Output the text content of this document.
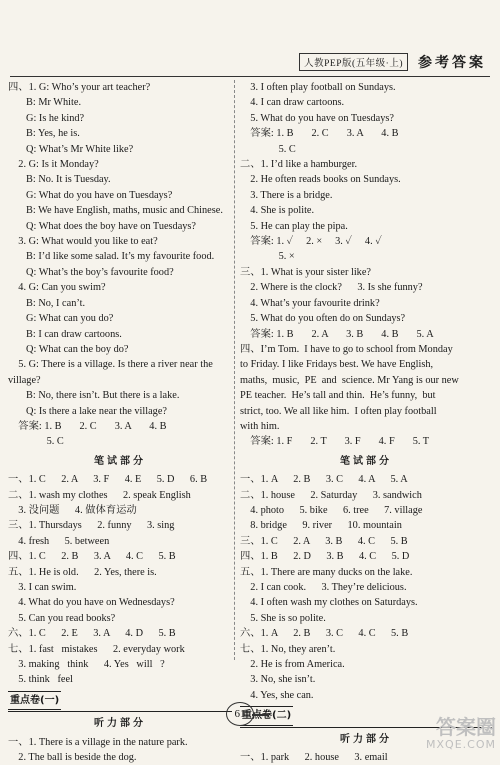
人教PEP版(五年级·上)	参考答案
四、1. G: Who’s your art teacher?
B: Mr White.
G: Is he kind?
B: Yes, he is.
Q: What’s Mr White like?
2. G: Is it Monday?
B: No. It is Tuesday.
G: What do you have on Tuesdays?
B: We have English, maths, music and Chinese.
Q: What does the boy have on Tuesdays?
3. G: What would you like to eat?
B: I’d like some salad. It’s my favourite food.
Q: What’s the boy’s favourite food?
4. G: Can you swim?
B: No, I can’t.
G: What can you do?
B: I can draw cartoons.
Q: What can the boy do?
5. G: There is a village. Is there a river near the
village?
B: No, there isn’t. But there is a lake.
Q: Is there a lake near the village?
答案: 1. B       2. C       3. A       4. B
5. C
笔试部分
一、1. C      2. A      3. F      4. E      5. D      6. B
二、1. wash my clothes      2. speak English
3. 没问题      4. 做体育运动
三、1. Thursdays      2. funny      3. sing
4. fresh      5. between
四、1. C      2. B      3. A      4. C      5. B
五、1. He is old.      2. Yes, there is.
3. I can swim.
4. What do you have on Wednesdays?
5. Can you read books?
六、1. C      2. E      3. A      4. D      5. B
七、1. fast   mistakes      2. everyday work
3. making   think      4. Yes   will   ?
5. think   feel
重点卷(一)
听力部分
一、1. There is a village in the nature park.
2. The ball is beside the dog.
3. I often play football on Sundays.
4. I can draw cartoons.
5. What do you have on Tuesdays?
答案: 1. B       2. C       3. A       4. B
5. C
二、1. I’d like a hamburger.
2. He often reads books on Sundays.
3. There is a bridge.
4. She is polite.
5. He can play the pipa.
答案: 1. ✓     2. ×     3. ✓     4. ✓
5. ×
三、1. What is your sister like?
2. Where is the clock?      3. Is she funny?
4. What’s your favourite drink?
5. What do you often do on Sundays?
答案: 1. B       2. A       3. B       4. B       5. A
四、I’m Tom.  I have to go to school from Monday
to Friday. I like Fridays best. We have English,
maths,  music,  PE  and  science. Mr Yang is our new
PE teacher.  He’s tall and thin.  He’s funny,  but
strict, too. We all like him.  I often play football
with him.
答案: 1. F       2. T       3. F       4. F       5. T
笔试部分
一、1. A      2. B      3. C      4. A      5. A
二、1. house      2. Saturday      3. sandwich
4. photo      5. bike      6. tree      7. village
8. bridge      9. river      10. mountain
三、1. C      2. A      3. B      4. C      5. B
四、1. B      2. D      3. B      4. C      5. D
五、1. There are many ducks on the lake.
2. I can cook.      3. They’re delicious.
4. I often wash my clothes on Saturdays.
5. She is so polite.
六、1. A      2. B      3. C      4. C      5. B
七、1. No, they aren’t.
2. He is from America.
3. No, she isn’t.
4. Yes, she can.
重点卷(二)
听力部分
一、1. park      2. house      3. email
61
答案圈
MXQE.COM
